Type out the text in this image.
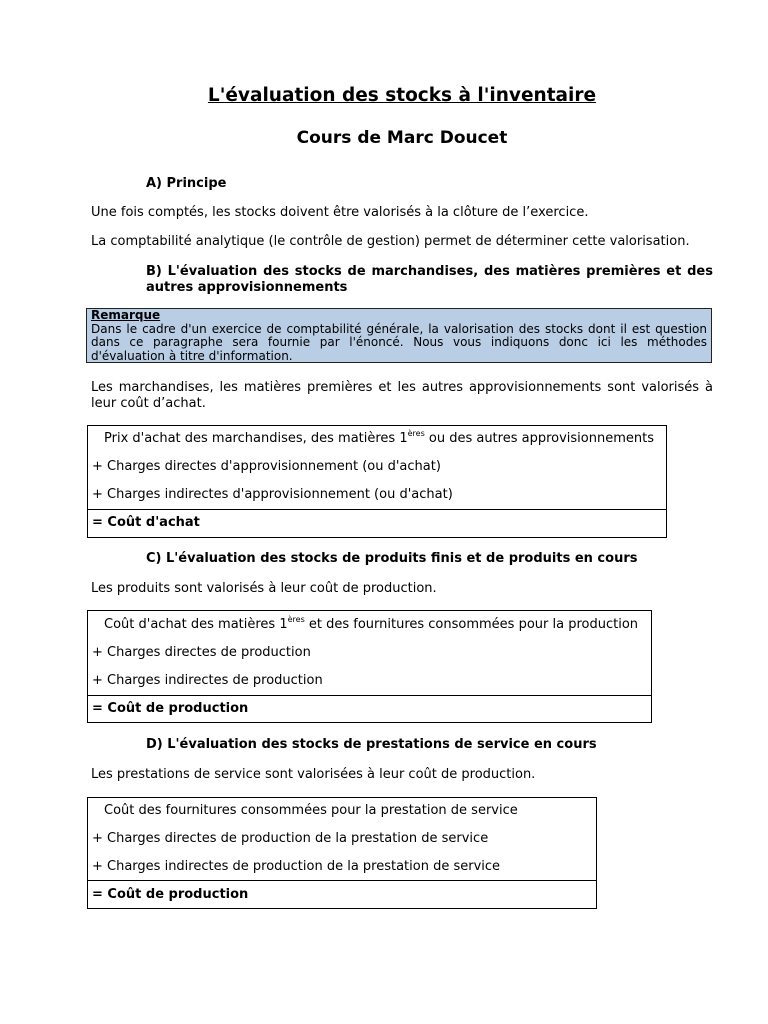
L'évaluation des stocks à l'inventaire
Cours de Marc Doucet
A) Principe
Une fois comptés, les stocks doivent être valorisés à la clôture de l’exercice.
La comptabilité analytique (le contrôle de gestion) permet de déterminer cette valorisation.
B) L'évaluation des stocks de marchandises, des matières premières et des autres approvisionnements
Remarque
Dans le cadre d'un exercice de comptabilité générale, la valorisation des stocks dont il est question dans ce paragraphe sera fournie par l'énoncé. Nous vous indiquons donc ici les méthodes d'évaluation à titre d'information.
Les marchandises, les matières premières et les autres approvisionnements sont valorisés à leur coût d’achat.
Prix d'achat des marchandises, des matières 1ères ou des autres approvisionnements
+ Charges directes d'approvisionnement (ou d'achat)
+ Charges indirectes d'approvisionnement (ou d'achat)
= Coût d'achat
C) L'évaluation des stocks de produits finis et de produits en cours
Les produits sont valorisés à leur coût de production.
Coût d'achat des matières 1ères et des fournitures consommées pour la production
+ Charges directes de production
+ Charges indirectes de production
= Coût de production
D) L'évaluation des stocks de prestations de service en cours
Les prestations de service sont valorisées à leur coût de production.
Coût des fournitures consommées pour la prestation de service
+ Charges directes de production de la prestation de service
+ Charges indirectes de production de la prestation de service
= Coût de production
